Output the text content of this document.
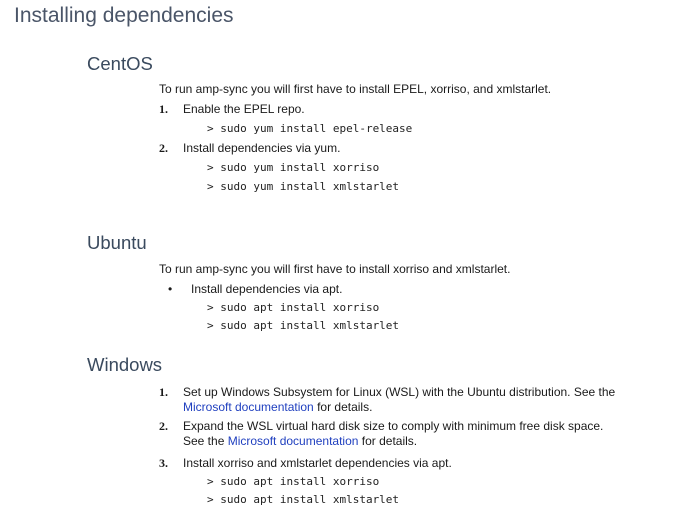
Installing dependencies
CentOS
To run amp-sync you will first have to install EPEL, xorriso, and xmlstarlet.
1. Enable the EPEL repo.
> sudo yum install epel-release
2. Install dependencies via yum.
> sudo yum install xorriso
> sudo yum install xmlstarlet
Ubuntu
To run amp-sync you will first have to install xorriso and xmlstarlet.
• Install dependencies via apt.
> sudo apt install xorriso
> sudo apt install xmlstarlet
Windows
1. Set up Windows Subsystem for Linux (WSL) with the Ubuntu distribution. See the
Microsoft documentation for details.
2. Expand the WSL virtual hard disk size to comply with minimum free disk space.
See the Microsoft documentation for details.
3. Install xorriso and xmlstarlet dependencies via apt.
> sudo apt install xorriso
> sudo apt install xmlstarlet
